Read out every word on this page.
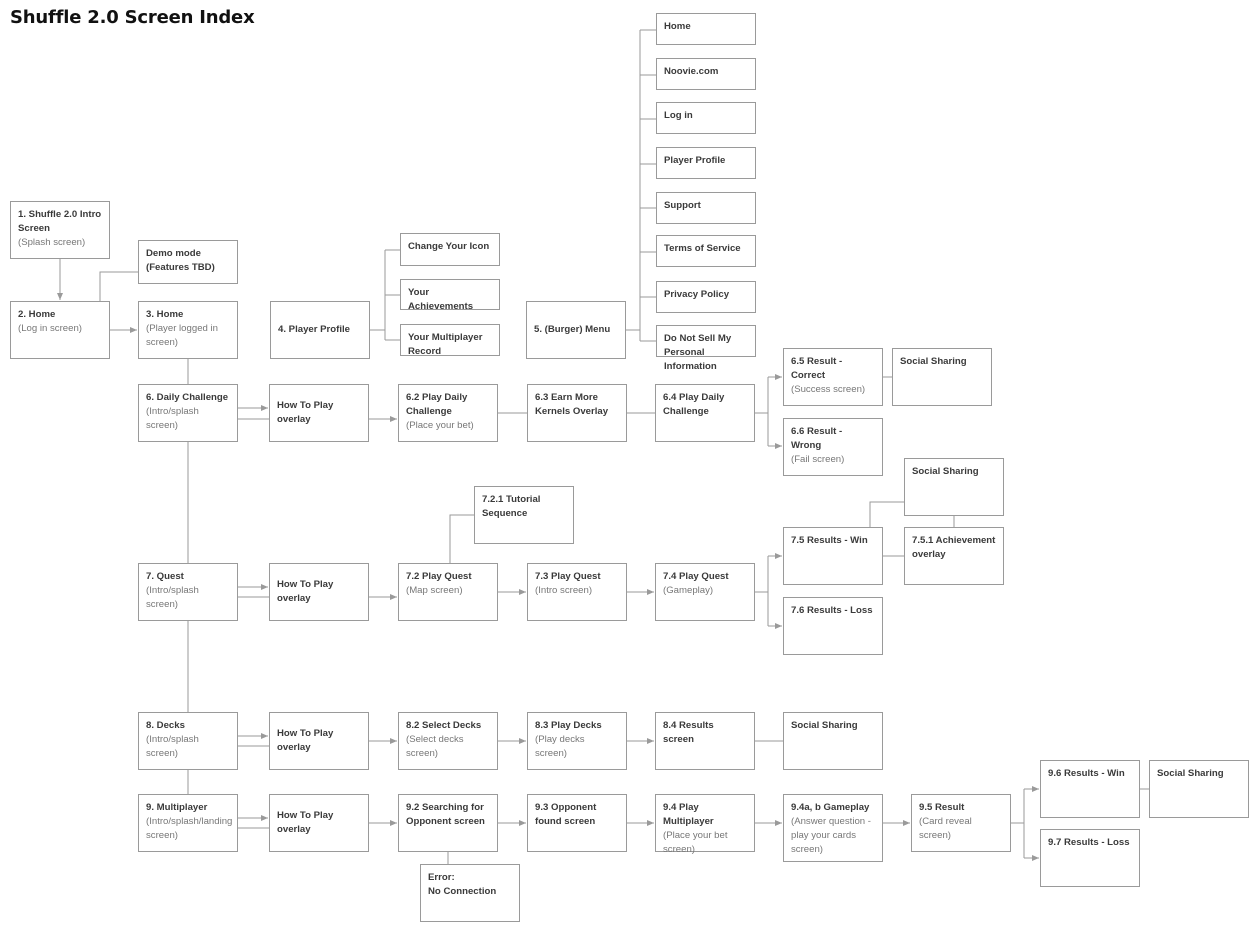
Shuffle 2.0 Screen Index
1. Shuffle 2.0 Intro Screen
(Splash screen)
Demo mode
(Features TBD)
2. Home
(Log in screen)
3. Home
(Player logged in screen)
4. Player Profile
Change Your Icon
Your Achievements
Your Multiplayer Record
5. (Burger) Menu
Home
Noovie.com
Log in
Player Profile
Support
Terms of Service
Privacy Policy
Do Not Sell My Personal Information
6. Daily Challenge
(Intro/splash screen)
How To Play overlay
6.2 Play Daily Challenge
(Place your bet)
6.3 Earn More Kernels Overlay
6.4 Play Daily Challenge
6.5 Result - Correct
(Success screen)
Social Sharing
6.6 Result - Wrong
(Fail screen)
7.2.1 Tutorial Sequence
Social Sharing
7. Quest
(Intro/splash screen)
How To Play overlay
7.2 Play Quest
(Map screen)
7.3 Play Quest
(Intro screen)
7.4 Play Quest
(Gameplay)
7.5 Results - Win	7.5.1 Achievement overlay
7.6 Results - Loss
8. Decks
(Intro/splash screen)
How To Play overlay
8.2 Select Decks
(Select decks screen)
8.3 Play Decks
(Play decks screen)
8.4 Results screen
Social Sharing
9. Multiplayer
(Intro/splash/landing screen)
How To Play overlay
9.2 Searching for Opponent screen
Error:
No Connection
9.3 Opponent found screen
9.4 Play Multiplayer
(Place your bet screen)
9.4a, b Gameplay
(Answer question - play your cards screen)
9.5 Result
(Card reveal screen)
9.6 Results - Win	Social Sharing
9.7 Results - Loss
